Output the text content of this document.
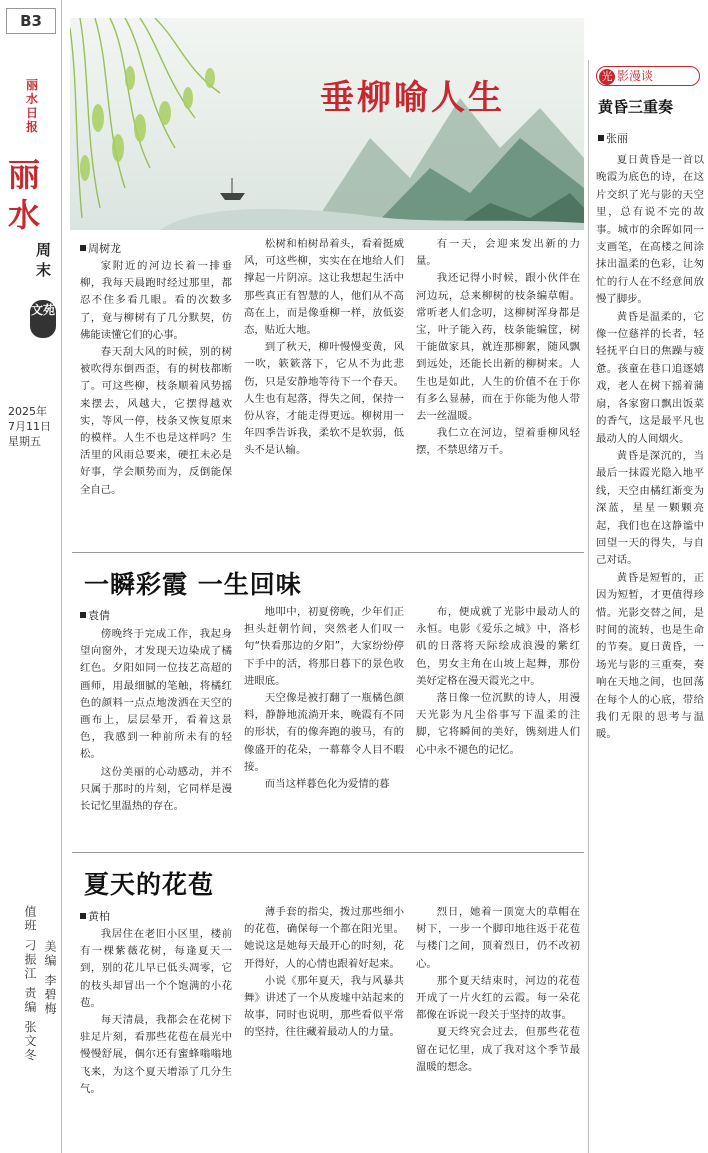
B3
丽水日报
丽
水
周末
文苑
2025年
7月11日
星期五
值班 刁振江 责编 张文冬 美编 李碧梅
垂柳喻人生
周树龙

家附近的河边长着一排垂柳，我每天晨跑时经过那里，都忍不住多看几眼。看的次数多了，竟与柳树有了几分默契，仿佛能读懂它们的心事。

春天刮大风的时候，别的树被吹得东倒西歪，有的树枝都断了。可这些柳，枝条顺着风势摇来摆去，风越大，它摆得越欢实，等风一停，枝条又恢复原来的模样。人生不也是这样吗？生活里的风雨总要来，硬扛未必是好事，学会顺势而为，反倒能保全自己。

松树和柏树昂着头，看着挺威风，可这些柳，实实在在地给人们撑起一片阴凉。这让我想起生活中那些真正有智慧的人，他们从不高高在上，而是像垂柳一样，放低姿态，贴近大地。

到了秋天，柳叶慢慢变黄，风一吹，簌簌落下，它从不为此悲伤，只是安静地等待下一个春天。人生也有起落，得失之间，保持一份从容，才能走得更远。柳树用一年四季告诉我，柔软不是软弱，低头不是认输。

有一天，会迎来发出新的力量。

我还记得小时候，跟小伙伴在河边玩，总来柳树的枝条编草帽。常听老人们念叨，这柳树浑身都是宝，叶子能入药，枝条能编筐，树干能做家具，就连那柳絮，随风飘到远处，还能长出新的柳树来。人生也是如此，人生的价值不在于你有多么显赫，而在于你能为他人带去一丝温暖。

我仁立在河边，望着垂柳风轻摆，不禁思绪万千。

一瞬彩霞 一生回味
袁倩

傍晚终于完成工作，我起身望向窗外，才发现天边染成了橘红色。夕阳如同一位技艺高超的画师，用最细腻的笔触，将橘红色的颜料一点点地泼洒在天空的画布上，层层晕开，看着这景色，我感到一种前所未有的轻松。

这份美丽的心动感动，并不只属于那时的片刻，它同样是漫长记忆里温热的存在。

地叩中，初夏傍晚，少年们正担头赶朝竹间，突然老人们叹一句“快看那边的夕阳”，大家纷纷停下手中的活，将那日暮下的景色收进眼底。

天空像是被打翻了一瓶橘色颜料，静静地流淌开来，晚霞有不同的形状，有的像奔跑的骏马，有的像盛开的花朵，一幕幕令人目不暇接。

而当这样暮色化为爱情的暮

布，便成就了光影中最动人的永恒。电影《爱乐之城》中，洛杉矶的日落将天际绘成浪漫的紫红色，男女主角在山坡上起舞，那份美好定格在漫天霞光之中。

落日像一位沉默的诗人，用漫天光影为凡尘俗事写下温柔的注脚，它将瞬间的美好，镌刻进人们心中永不褪色的记忆。

夏天的花苞
黄柏

我居住在老旧小区里，楼前有一棵紫薇花树，每逢夏天一到，别的花儿早已低头凋零，它的枝头却冒出一个个饱满的小花苞。

每天清晨，我都会在花树下驻足片刻，看那些花苞在晨光中慢慢舒展，偶尔还有蜜蜂嗡嗡地飞来，为这个夏天增添了几分生气。

薄手套的指尖，拨过那些细小的花苞，确保每一个都在阳光里。她说这是她每天最开心的时刻，花开得好，人的心情也跟着好起来。

小说《那年夏天，我与风暴共舞》讲述了一个从废墟中站起来的故事，同时也说明，那些看似平常的坚持，往往藏着最动人的力量。

烈日，她着一顶宽大的草帽在树下，一步一个脚印地往返于花苞与楼门之间，顶着烈日，仍不改初心。

那个夏天结束时，河边的花苞开成了一片火红的云霞。每一朵花都像在诉说一段关于坚持的故事。

夏天终究会过去，但那些花苞留在记忆里，成了我对这个季节最温暖的想念。

光 影漫谈
黄昏三重奏
张丽

夏日黄昏是一首以晚霞为底色的诗，在这片交织了光与影的天空里，总有说不完的故事。城市的余晖如同一支画笔，在高楼之间涂抹出温柔的色彩，让匆忙的行人在不经意间放慢了脚步。

黄昏是温柔的，它像一位慈祥的长者，轻轻抚平白日的焦躁与疲惫。孩童在巷口追逐嬉戏，老人在树下摇着蒲扇，各家窗口飘出饭菜的香气，这是最平凡也最动人的人间烟火。

黄昏是深沉的，当最后一抹霞光隐入地平线，天空由橘红渐变为深蓝，星星一颗颗亮起，我们也在这静谧中回望一天的得失，与自己对话。

黄昏是短暂的，正因为短暂，才更值得珍惜。光影交替之间，是时间的流转，也是生命的节奏。夏日黄昏，一场光与影的三重奏，奏响在天地之间，也回荡在每个人的心底，带给我们无限的思考与温暖。
